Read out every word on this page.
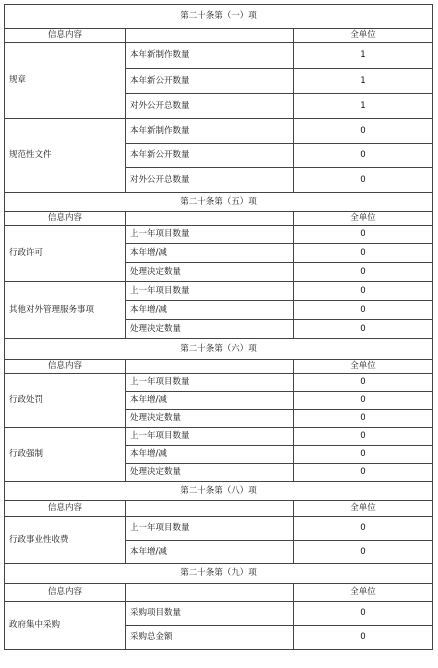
第二十条第（一）项		
信息内容		全单位
规章	本年新制作数量	1
	本年新公开数量	1
	对外公开总数量	1
规范性文件	本年新制作数量	0
	本年新公开数量	0
	对外公开总数量	0
第二十条第（五）项		
信息内容		全单位
行政许可	上一年项目数量	0
	本年增/减	0
	处理决定数量	0
其他对外管理服务事项	上一年项目数量	0
	本年增/减	0
	处理决定数量	0
第二十条第（六）项		
信息内容		全单位
行政处罚	上一年项目数量	0
	本年增/减	0
	处理决定数量	0
行政强制	上一年项目数量	0
	本年增/减	0
	处理决定数量	0
第二十条第（八）项		
信息内容		全单位
行政事业性收费	上一年项目数量	0
	本年增/减	0
第二十条第（九）项		
信息内容		全单位
政府集中采购	采购项目数量	0
	采购总金额	0
